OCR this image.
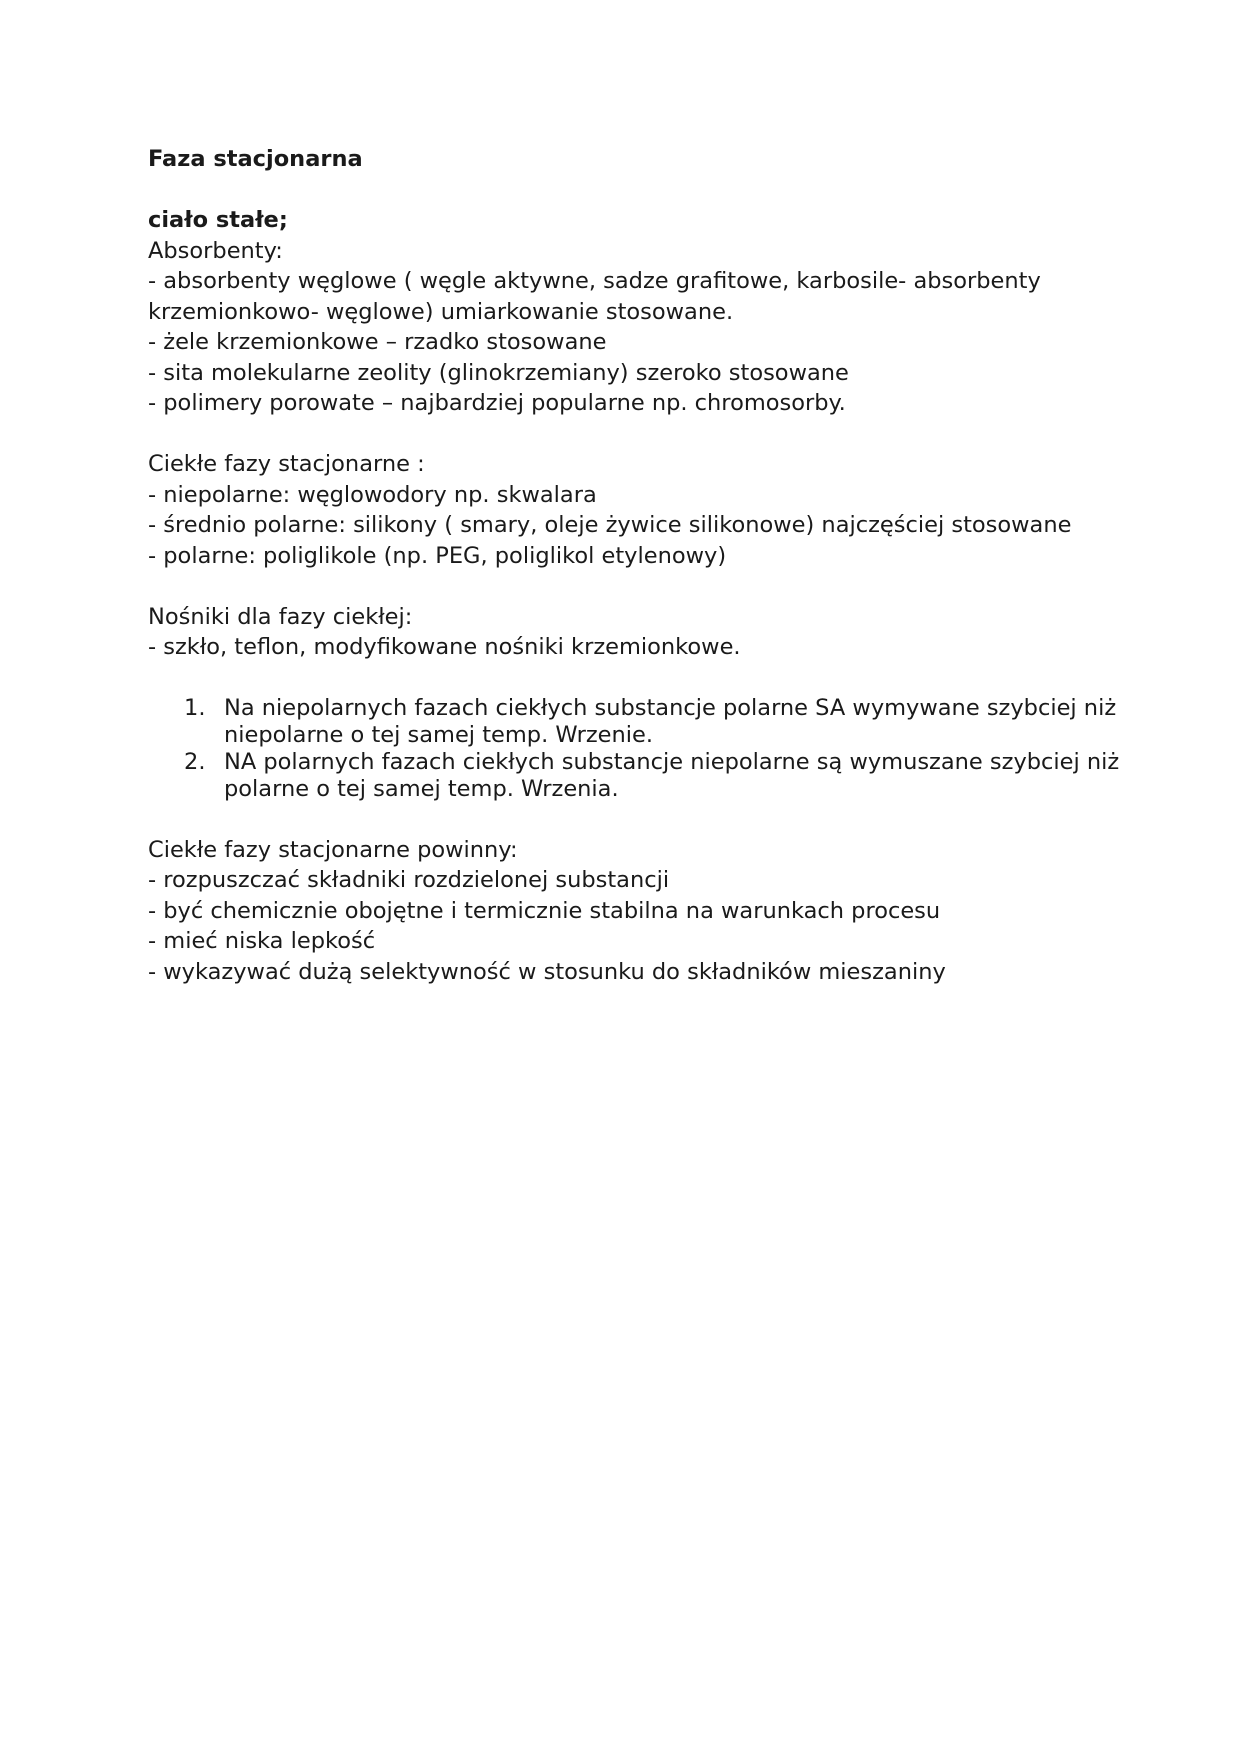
Faza stacjonarna

ciało stałe;

Absorbenty:

- absorbenty węglowe ( węgle aktywne, sadze grafitowe, karbosile- absorbenty krzemionkowo- węglowe) umiarkowanie stosowane.

- żele krzemionkowe – rzadko stosowane

- sita molekularne zeolity (glinokrzemiany) szeroko stosowane

- polimery porowate – najbardziej popularne np. chromosorby.

Ciekłe fazy stacjonarne :

- niepolarne: węglowodory np. skwalara

- średnio polarne: silikony ( smary, oleje żywice silikonowe) najczęściej stosowane

- polarne: poliglikole (np. PEG, poliglikol etylenowy)

Nośniki dla fazy ciekłej:

- szkło, teflon, modyfikowane nośniki krzemionkowe.

1. Na niepolarnych fazach ciekłych substancje polarne SA wymywane szybciej niż niepolarne o tej samej temp. Wrzenie.
2. NA polarnych fazach ciekłych substancje niepolarne są wymuszane szybciej niż polarne o tej samej temp. Wrzenia.

Ciekłe fazy stacjonarne powinny:

- rozpuszczać składniki rozdzielonej substancji

- być chemicznie obojętne i termicznie stabilna na warunkach procesu

- mieć niska lepkość

- wykazywać dużą selektywność w stosunku do składników mieszaniny
